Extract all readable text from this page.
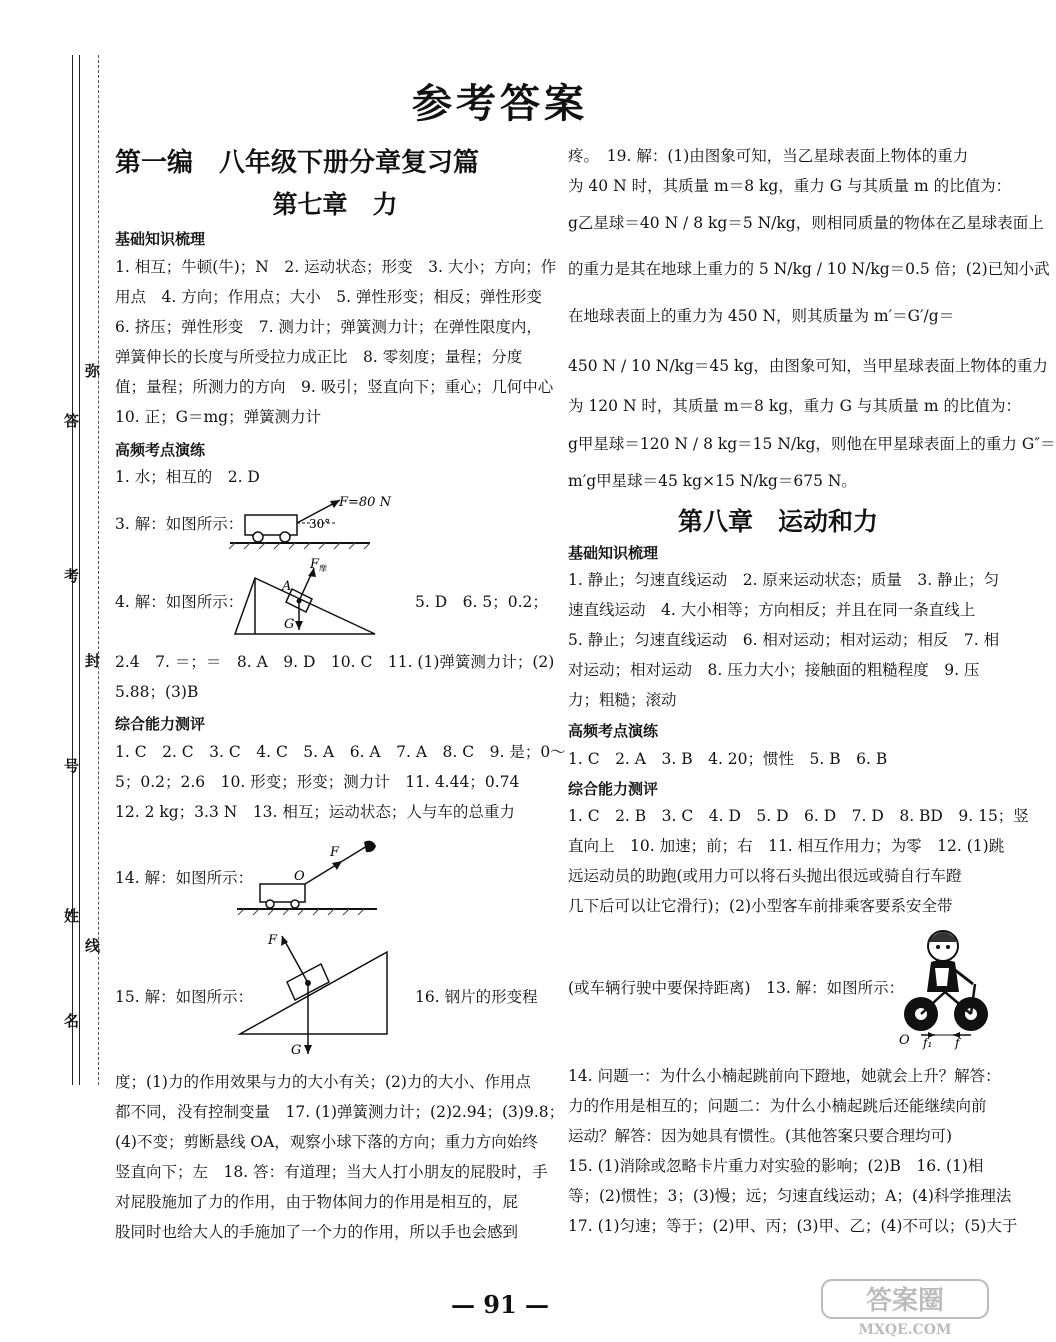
弥
封
线
答
考
号
姓
名
参考答案
第一编　八年级下册分章复习篇
第七章　力
基础知识梳理
1. 相互；牛顿(牛)；N　2. 运动状态；形变　3. 大小；方向；作
用点　4. 方向；作用点；大小　5. 弹性形变；相反；弹性形变
6. 挤压；弹性形变　7. 测力计；弹簧测力计；在弹性限度内，
弹簧伸长的长度与所受拉力成正比　8. 零刻度；量程；分度
值；量程；所测力的方向　9. 吸引；竖直向下；重心；几何中心
10. 正；G＝mg；弹簧测力计
高频考点演练
1. 水；相互的　2. D
3. 解：如图所示：
F=80 N
30°
4. 解：如图所示：
F 摩
A
G
5. D　6. 5；0.2；
2.4　7. ＝；＝　8. A　9. D　10. C　11. (1)弹簧测力计；(2)
5.88；(3)B
综合能力测评
1. C　2. C　3. C　4. C　5. A　6. A　7. A　8. C　9. 是；0～
5；0.2；2.6　10. 形变；形变；测力计　11. 4.44；0.74
12. 2 kg；3.3 N　13. 相互；运动状态；人与车的总重力
14. 解：如图所示：	O
F
15. 解：如图所示：
F
G
16. 钢片的形变程
度；(1)力的作用效果与力的大小有关；(2)力的大小、作用点
都不同，没有控制变量　17. (1)弹簧测力计；(2)2.94；(3)9.8；
(4)不变；剪断悬线 OA，观察小球下落的方向；重力方向始终
竖直向下；左　18. 答：有道理；当大人打小朋友的屁股时，手
对屁股施加了力的作用，由于物体间力的作用是相互的，屁
股同时也给大人的手施加了一个力的作用，所以手也会感到
疼。　19. 解：(1)由图象可知，当乙星球表面上物体的重力
为 40 N 时，其质量 m＝8 kg，重力 G 与其质量 m 的比值为：
g乙星球＝40 N / 8 kg＝5 N/kg，则相同质量的物体在乙星球表面上
的重力是其在地球上重力的 5 N/kg / 10 N/kg＝0.5 倍；(2)已知小武
在地球表面上的重力为 450 N，则其质量为 m′＝G′/g＝
450 N / 10 N/kg＝45 kg，由图象可知，当甲星球表面上物体的重力
为 120 N 时，其质量 m＝8 kg，重力 G 与其质量 m 的比值为：
g甲星球＝120 N / 8 kg＝15 N/kg，则他在甲星球表面上的重力 G″＝
m′g甲星球＝45 kg×15 N/kg＝675 N。
第八章　运动和力
基础知识梳理
1. 静止；匀速直线运动　2. 原来运动状态；质量　3. 静止；匀
速直线运动　4. 大小相等；方向相反；并且在同一条直线上
5. 静止；匀速直线运动　6. 相对运动；相对运动；相反　7. 相
对运动；相对运动　8. 压力大小；接触面的粗糙程度　9. 压
力；粗糙；滚动
高频考点演练
1. C　2. A　3. B　4. 20；惯性　5. B　6. B
综合能力测评
1. C　2. B　3. C　4. D　5. D　6. D　7. D　8. BD　9. 15；竖
直向上　10. 加速；前；右　11. 相互作用力；为零　12. (1)跳
远运动员的助跑(或用力可以将石头抛出很远或骑自行车蹬
几下后可以让它滑行)；(2)小型客车前排乘客要系安全带
(或车辆行驶中要保持距离)　13. 解：如图所示：
O f₁ f
14. 问题一：为什么小楠起跳前向下蹬地，她就会上升？解答：
力的作用是相互的；问题二：为什么小楠起跳后还能继续向前
运动？解答：因为她具有惯性。(其他答案只要合理均可)
15. (1)消除或忽略卡片重力对实验的影响；(2)B　16. (1)相
等；(2)惯性；3；(3)慢；远；匀速直线运动；A；(4)科学推理法
17. (1)匀速；等于；(2)甲、丙；(3)甲、乙；(4)不可以；(5)大于
— 91 —	答案圈
MXQE.COM
